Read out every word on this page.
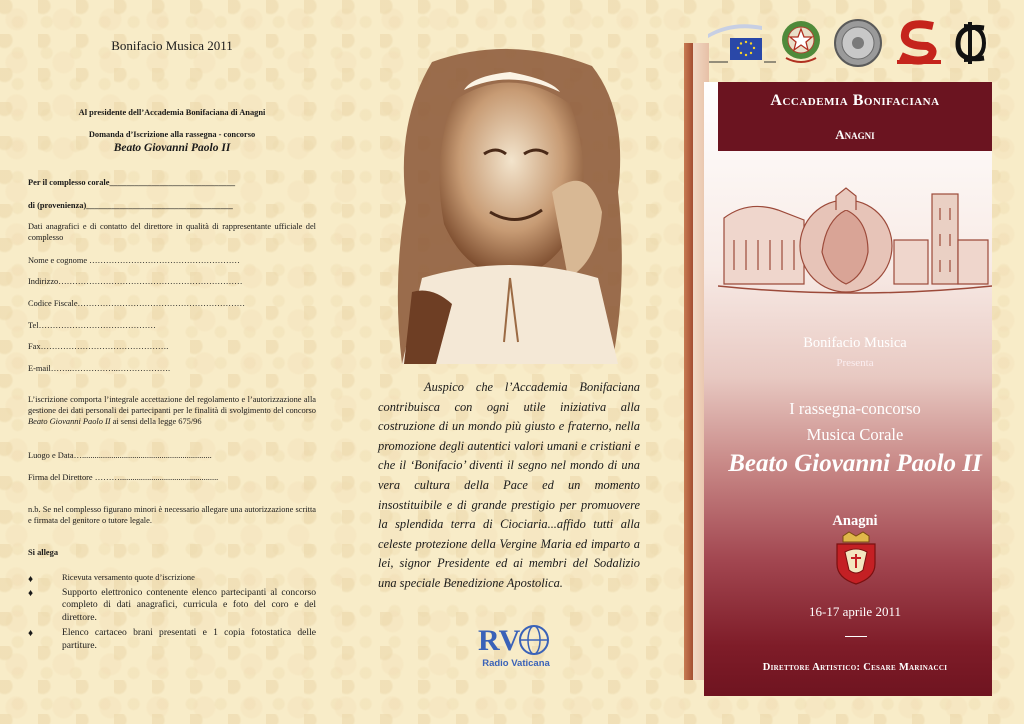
Bonifacio Musica 2011
Al presidente dell’Accademia Bonifaciana di Anagni
Domanda d’Iscrizione alla rassegna - concorso
Beato Giovanni Paolo II
Per il complesso corale______________________________
di (provenienza)___________________________________
Dati anagrafici e di contatto del direttore in qualità di rappresentante ufficiale del complesso
Nome e cognome ………………………………………………
Indirizzo…………………………………………………………
Codice Fiscale……………………………………………………
Tel……………………………………
Fax……………………………………….
E-mail……..……………..……………….
L’iscrizione comporta l’integrale accettazione del regolamento e l’autorizzazione alla gestione dei dati personali dei partecipanti per le finalità di svolgimento del concorso Beato Giovanni Paolo II ai sensi della legge 675/96
Luogo e Data…..............................................................
Firma del Direttore ………...............................................
n.b. Se nel complesso figurano minori è necessario allegare una autorizzazione scritta e firmata del genitore o tutore legale.
Si allega
♦	Ricevuta versamento quote d’iscrizione
♦	Supporto elettronico contenente elenco partecipanti al concorso completo di dati anagrafici, curricula e foto del coro e del direttore.
♦	Elenco cartaceo brani presentati e 1 copia fotostatica delle partiture.
Auspico che l’Accademia Bonifaciana contribuisca con ogni utile iniziativa alla costruzione di un mondo più giusto e fraterno, nella promozione degli autentici valori umani e cristiani e che il ‘Bonifacio’ diventi il segno nel mondo di una vera cultura della Pace ed un momento insostituibile e di grande prestigio per promuovere la splendida terra di Ciociaria...affido tutti alla celeste protezione della Vergine Maria ed imparto a lei, signor Presidente ed ai membri del Sodalizio una speciale Benedizione Apostolica.
RV
Radio Vaticana
Accademia Bonifaciana
Anagni
Bonifacio Musica
Presenta
I rassegna-concorso
Musica Corale
Beato Giovanni Paolo II
Anagni
16-17 aprile 2011
Direttore Artistico: Cesare Marinacci
